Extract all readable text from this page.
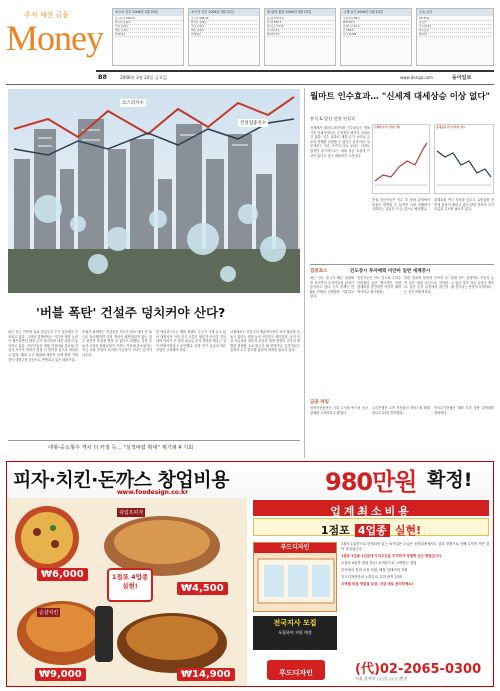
Money
주식 채권 금융	코스피 지수 2006년 3월 23일
코스피 1,326.47
외국인 순매수
기관 순매수
개인 순매수
거래대금
코스닥 지수 2006년 3월 23일
코스닥 658.39
외국인 순매수
기관 순매수
개인 순매수
거래대금
원-달러 환율 2006년 3월 23일
원-달러 971.5
원-엔 825.3
원-유로 1,175
국고채 3년
회사채 3년
국제 유가 2006년 3월 23일
두바이유 58.7
WTI 60.5
브렌트유 61.2
금 558.0
구리 5,200
주요 금리
CD 91일
콜금리
국고채 5년
통안증권
회사채
B8	2006년 3월 24일 금요일	www.donga.com	동아일보
코스피지수
건설업종지수
'버블 폭탄' 건설주 덩치커야 산다?
최근 증시 전반에 걸쳐 건설주의 주가 상승세가 지속되고 있다. 그러나 업계에서는 이른바 버블 논란이 제기되면서 향후 주가 움직임에 대한 관심이 높아지고 있다. 전문가들은 대형 건설사와 중소형 건설사 사이의 격차가 점점 더 벌어질 것으로 내다보고 있다. 해외 수주 확대와 재건축 규제 완화 기대감이 대형주를 중심으로 반영되고 있기 때문이다.
증권가 관계자는 건설업종 지수가 연초 대비 큰 폭으로 상승했지만 실적 개선이 뒷받침되지 않는 일부 종목은 조정을 받을 수 있다고 말했다. 특히 부동산 시장의 불확실성이 커지는 가운데 중소형사는 자금 조달 부담이 늘어날 가능성이 크다는 분석이 나온다.
한 애널리스트는 해외 플랜트 수주가 크게 늘고 있어 대형사의 이익 증가 흐름은 당분간 이어질 것이라며 덩치가 큰 회사 위주로 투자 전략을 세우는 것이 바람직하다고 조언했다. 다만 단기 급등에 따른 부담은 고려해야 한다.
시장에서는 건설주의 밸류에이션이 과거 평균을 웃돌고 있다는 점을 들어 신중론도 제기된다. 금리 인상 가능성과 정부의 부동산 정책 방향이 주가의 향방을 결정할 주요 변수가 될 전망이다. 투자자들은 실적과 수주 잔고를 꼼꼼히 따져볼 필요가 있다.
대형-중소형주 격차 더 커질 듯… "실적바람 확대" 제기돼 4 기회
월마트 인수효과… "신세계 대세상승 이상 없다"
분석 & 발간 전망 연결과
신세계가 월마트코리아를 인수한다는 발표 이후 증권가에서는 긍정적인 평가가 잇따르고 있다. 인수 효과로 매장 수가 늘어나 규모의 경제를 실현할 수 있다는 분석이다. 일부에서는 인수 가격이 다소 높다는 지적도 있지만 장기적으로는 대세 상승 흐름에 이상이 없다는 것이 대체적인 시각이다.
신세계 주가 (단위: 원)	롯데쇼핑 주가 (단위: 원)
증권 전문가들은 인수 후 통합 과정에서 비용이 발생할 수 있지만 시장 지배력이 강화되는 효과가 더 클 것으로 예상했다.
롯데쇼핑 역시 상장을 앞두고 유통업종 전반에 관심이 쏠리고 있어 관련 종목의 주가 흐름을 주시할 필요가 있다.
검증포스	인도증시 투자매력 미얀마 일반 세계증시
최근 인도 증시가 빠른 성장세를 보이면서 투자자들의 관심이 높아지고 있다. 인도 경제는 연 8% 안팎의 성장률을 기록하고 있다.
전문가들은 인도 증시의 주가수익비율이 높은 편이지만 성장 잠재력을 감안하면 여전히 매력적이라고 평가했다.
다만 정치적 불안과 인프라 부족 등은 위험 요인으로 지적된다. 분산 투자 관점에서 접근하는 것이 바람직하다.
관련 펀드 설정액도 꾸준히 늘고 있어 향후 자금 유입이 계속될 것이라는 전망이 우세하다.
금융 파일
삼성자산운용은 국내 주식형 펀드의 신규 판매를 시작한다고 밝혔다.
우리은행은 고객 자산관리 서비스를 확대한다고 23일 발표했다.
한국투자증권은 해외 투자 상품 설명회를 개최한다.
피자·치킨·돈까스 창업비용	980만원 확정!
www.foodesign.co.kr
₩6,000
₩4,500
₩9,000	₩14,900
1점포 4업종 실현!
쉬림프피자
순살치킨
업계최소비용
1점포 4업종 실현!
푸드디자인
전국지사 모집
포함하여 지원 예정
1점포 1업종으로 한정되어 있는 외식업은 수입은 동종업종에서도 상호 경쟁으로 인해 수익이 적은 것이 사실입니다.
1점포 1업종 1인분에 우리주산을 추가하여 경쟁력 있는 방법입니다.
무점포 4업종 창업 가능! 소자본으로 시작하는 창업
본사에서 직접 교육 지원, 매장 인테리어 지원
푸드디자인만의 노하우로 고객 만족 실현!
지역별 독점 영업권 보장, 지금 바로 문의하세요!
푸드디자인	(代)02-2065-0300
서울 강서구 ○○동 ○○○번지
